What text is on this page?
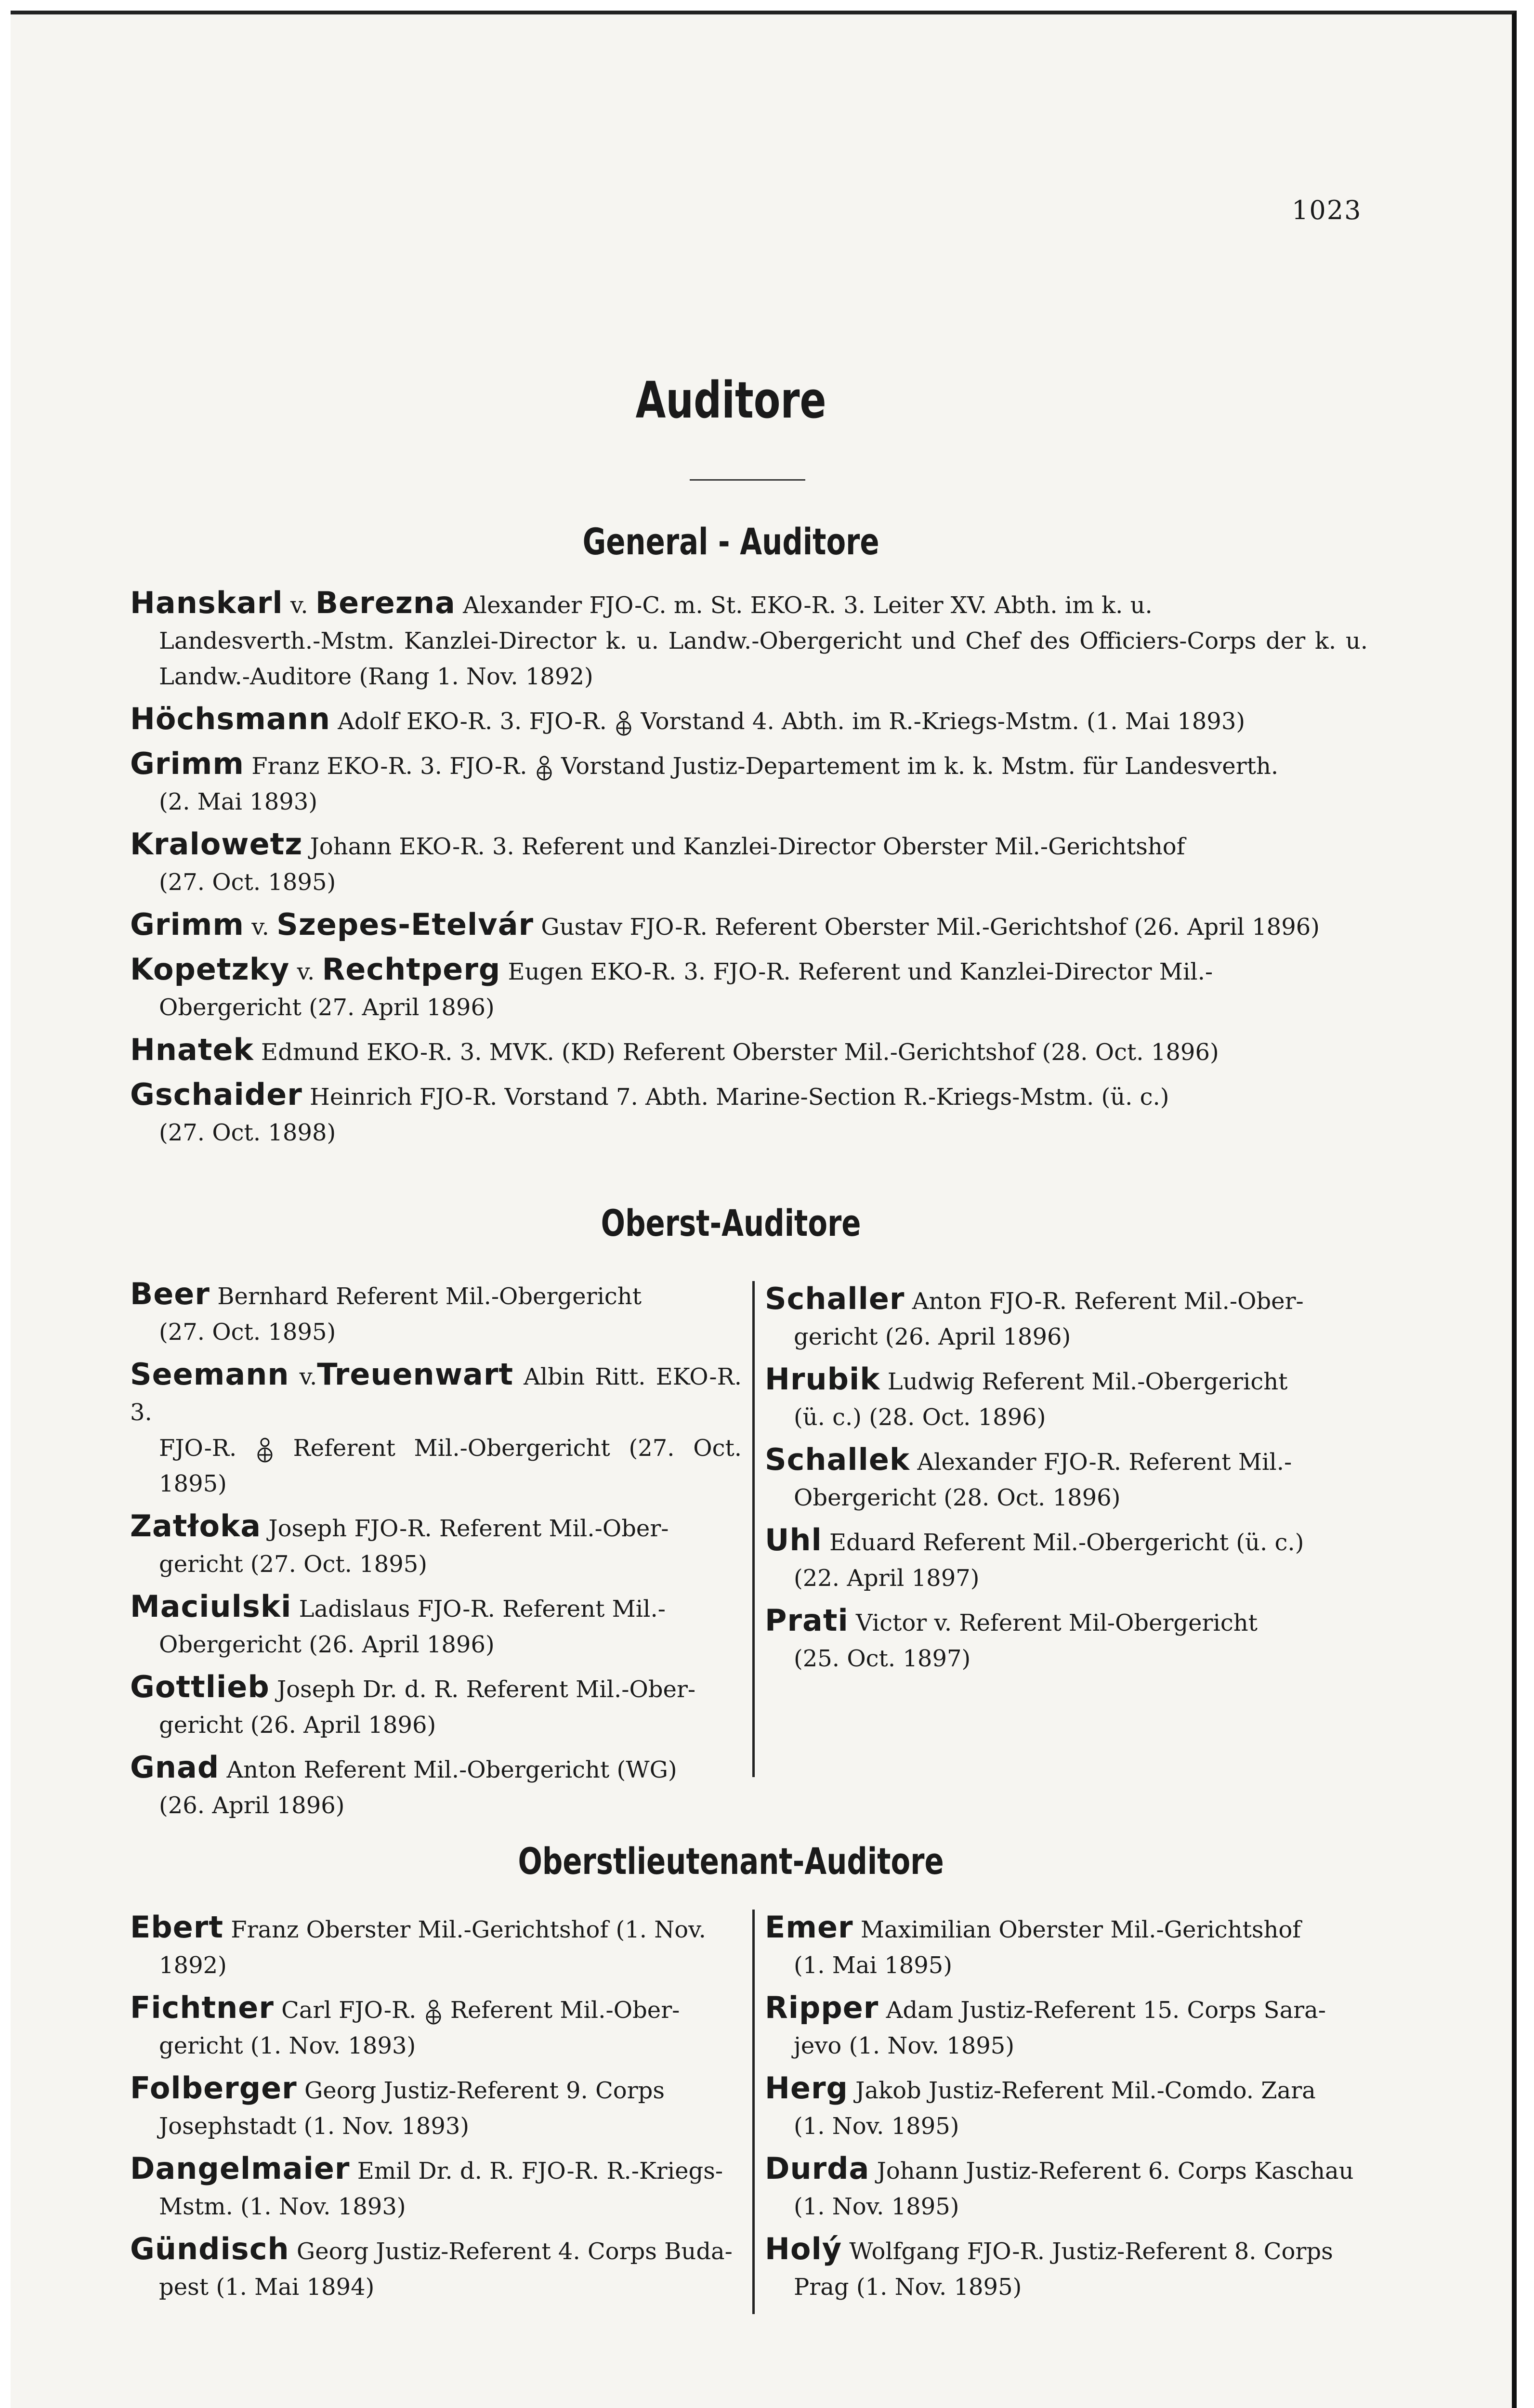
1023
Auditore
General - Auditore
Hanskarl v. Berezna Alexander FJO-C. m. St. EKO-R. 3. Leiter XV. Abth. im k. u.
Landesverth.-Mstm. Kanzlei-Director k. u. Landw.-Obergericht und Chef des Officiers-Corps der k. u. Landw.-Auditore (Rang 1. Nov. 1892)
Höchsmann Adolf EKO-R. 3. FJO-R.  Vorstand 4. Abth. im R.-Kriegs-Mstm. (1. Mai 1893)
Grimm Franz EKO-R. 3. FJO-R.  Vorstand Justiz-Departement im k. k. Mstm. für Landesverth.
(2. Mai 1893)
Kralowetz Johann EKO-R. 3. Referent und Kanzlei-Director Oberster Mil.-Gerichtshof
(27. Oct. 1895)
Grimm v. Szepes-Etelvár Gustav FJO-R. Referent Oberster Mil.-Gerichtshof (26. April 1896)
Kopetzky v. Rechtperg Eugen EKO-R. 3. FJO-R. Referent und Kanzlei-Director Mil.-
Obergericht (27. April 1896)
Hnatek Edmund EKO-R. 3. MVK. (KD) Referent Oberster Mil.-Gerichtshof (28. Oct. 1896)
Gschaider Heinrich FJO-R. Vorstand 7. Abth. Marine-Section R.-Kriegs-Mstm. (ü. c.)
(27. Oct. 1898)
Oberst-Auditore
Beer Bernhard Referent Mil.-Obergericht
(27. Oct. 1895)
Seemann v.Treuenwart Albin Ritt. EKO-R. 3.
FJO-R.  Referent Mil.-Obergericht (27. Oct. 1895)
Zatłoka Joseph FJO-R. Referent Mil.-Ober-
gericht (27. Oct. 1895)
Maciulski Ladislaus FJO-R. Referent Mil.-
Obergericht (26. April 1896)
Gottlieb Joseph Dr. d. R. Referent Mil.-Ober-
gericht (26. April 1896)
Gnad Anton Referent Mil.-Obergericht (WG)
(26. April 1896)
Schaller Anton FJO-R. Referent Mil.-Ober-
gericht (26. April 1896)
Hrubik Ludwig Referent Mil.-Obergericht
(ü. c.) (28. Oct. 1896)
Schallek Alexander FJO-R. Referent Mil.-
Obergericht (28. Oct. 1896)
Uhl Eduard Referent Mil.-Obergericht (ü. c.)
(22. April 1897)
Prati Victor v. Referent Mil-Obergericht
(25. Oct. 1897)
Oberstlieutenant-Auditore
Ebert Franz Oberster Mil.-Gerichtshof (1. Nov.
1892)
Fichtner Carl FJO-R.  Referent Mil.-Ober-
gericht (1. Nov. 1893)
Folberger Georg Justiz-Referent 9. Corps
Josephstadt (1. Nov. 1893)
Dangelmaier Emil Dr. d. R. FJO-R. R.-Kriegs-
Mstm. (1. Nov. 1893)
Gündisch Georg Justiz-Referent 4. Corps Buda-
pest (1. Mai 1894)
Emer Maximilian Oberster Mil.-Gerichtshof
(1. Mai 1895)
Ripper Adam Justiz-Referent 15. Corps Sara-
jevo (1. Nov. 1895)
Herg Jakob Justiz-Referent Mil.-Comdo. Zara
(1. Nov. 1895)
Durda Johann Justiz-Referent 6. Corps Kaschau
(1. Nov. 1895)
Holý Wolfgang FJO-R. Justiz-Referent 8. Corps
Prag (1. Nov. 1895)
